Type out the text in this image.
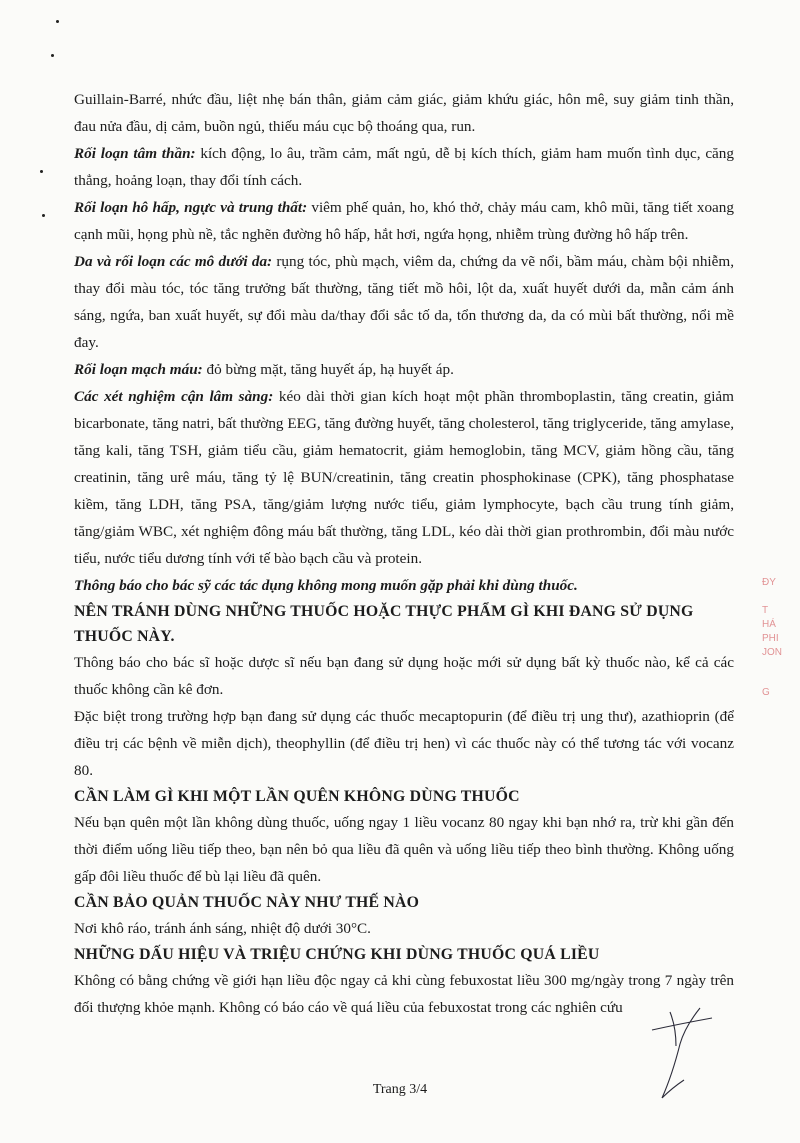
Guillain-Barré, nhức đầu, liệt nhẹ bán thân, giảm cảm giác, giảm khứu giác, hôn mê, suy giảm tinh thần, đau nửa đầu, dị cảm, buồn ngủ, thiếu máu cục bộ thoáng qua, run.

Rối loạn tâm thần: kích động, lo âu, trầm cảm, mất ngủ, dễ bị kích thích, giảm ham muốn tình dục, căng thẳng, hoảng loạn, thay đổi tính cách.

Rối loạn hô hấp, ngực và trung thất: viêm phế quản, ho, khó thở, chảy máu cam, khô mũi, tăng tiết xoang cạnh mũi, họng phù nề, tắc nghẽn đường hô hấp, hắt hơi, ngứa họng, nhiễm trùng đường hô hấp trên.

Da và rối loạn các mô dưới da: rụng tóc, phù mạch, viêm da, chứng da vẽ nổi, bầm máu, chàm bội nhiễm, thay đổi màu tóc, tóc tăng trưởng bất thường, tăng tiết mồ hôi, lột da, xuất huyết dưới da, mẫn cảm ánh sáng, ngứa, ban xuất huyết, sự đổi màu da/thay đổi sắc tố da, tổn thương da, da có mùi bất thường, nổi mề đay.

Rối loạn mạch máu: đỏ bừng mặt, tăng huyết áp, hạ huyết áp.

Các xét nghiệm cận lâm sàng: kéo dài thời gian kích hoạt một phần thromboplastin, tăng creatin, giảm bicarbonate, tăng natri, bất thường EEG, tăng đường huyết, tăng cholesterol, tăng triglyceride, tăng amylase, tăng kali, tăng TSH, giảm tiểu cầu, giảm hematocrit, giảm hemoglobin, tăng MCV, giảm hồng cầu, tăng creatinin, tăng urê máu, tăng tỷ lệ BUN/creatinin, tăng creatin phosphokinase (CPK), tăng phosphatase kiềm, tăng LDH, tăng PSA, tăng/giảm lượng nước tiểu, giảm lymphocyte, bạch cầu trung tính giảm, tăng/giảm WBC, xét nghiệm đông máu bất thường, tăng LDL, kéo dài thời gian prothrombin, đổi màu nước tiểu, nước tiểu dương tính với tế bào bạch cầu và protein.

Thông báo cho bác sỹ các tác dụng không mong muốn gặp phải khi dùng thuốc.

NÊN TRÁNH DÙNG NHỮNG THUỐC HOẶC THỰC PHẨM GÌ KHI ĐANG SỬ DỤNG THUỐC NÀY.

Thông báo cho bác sĩ hoặc dược sĩ nếu bạn đang sử dụng hoặc mới sử dụng bất kỳ thuốc nào, kể cả các thuốc không cần kê đơn.

Đặc biệt trong trường hợp bạn đang sử dụng các thuốc mecaptopurin (để điều trị ung thư), azathioprin (để điều trị các bệnh về miễn dịch), theophyllin (để điều trị hen) vì các thuốc này có thể tương tác với vocanz 80.

CẦN LÀM GÌ KHI MỘT LẦN QUÊN KHÔNG DÙNG THUỐC

Nếu bạn quên một lần không dùng thuốc, uống ngay 1 liều vocanz 80 ngay khi bạn nhớ ra, trừ khi gần đến thời điểm uống liều tiếp theo, bạn nên bỏ qua liều đã quên và uống liều tiếp theo bình thường. Không uống gấp đôi liều thuốc để bù lại liều đã quên.

CẦN BẢO QUẢN THUỐC NÀY NHƯ THẾ NÀO

Nơi khô ráo, tránh ánh sáng, nhiệt độ dưới 30°C.

NHỮNG DẤU HIỆU VÀ TRIỆU CHỨNG KHI DÙNG THUỐC QUÁ LIỀU

Không có bằng chứng về giới hạn liều độc ngay cả khi cùng febuxostat liều 300 mg/ngày trong 7 ngày trên đối thượng khỏe mạnh. Không có báo cáo về quá liều của febuxostat trong các nghiên cứu

ĐY
T
HÁ
PHI
JON
G
Trang 3/4
